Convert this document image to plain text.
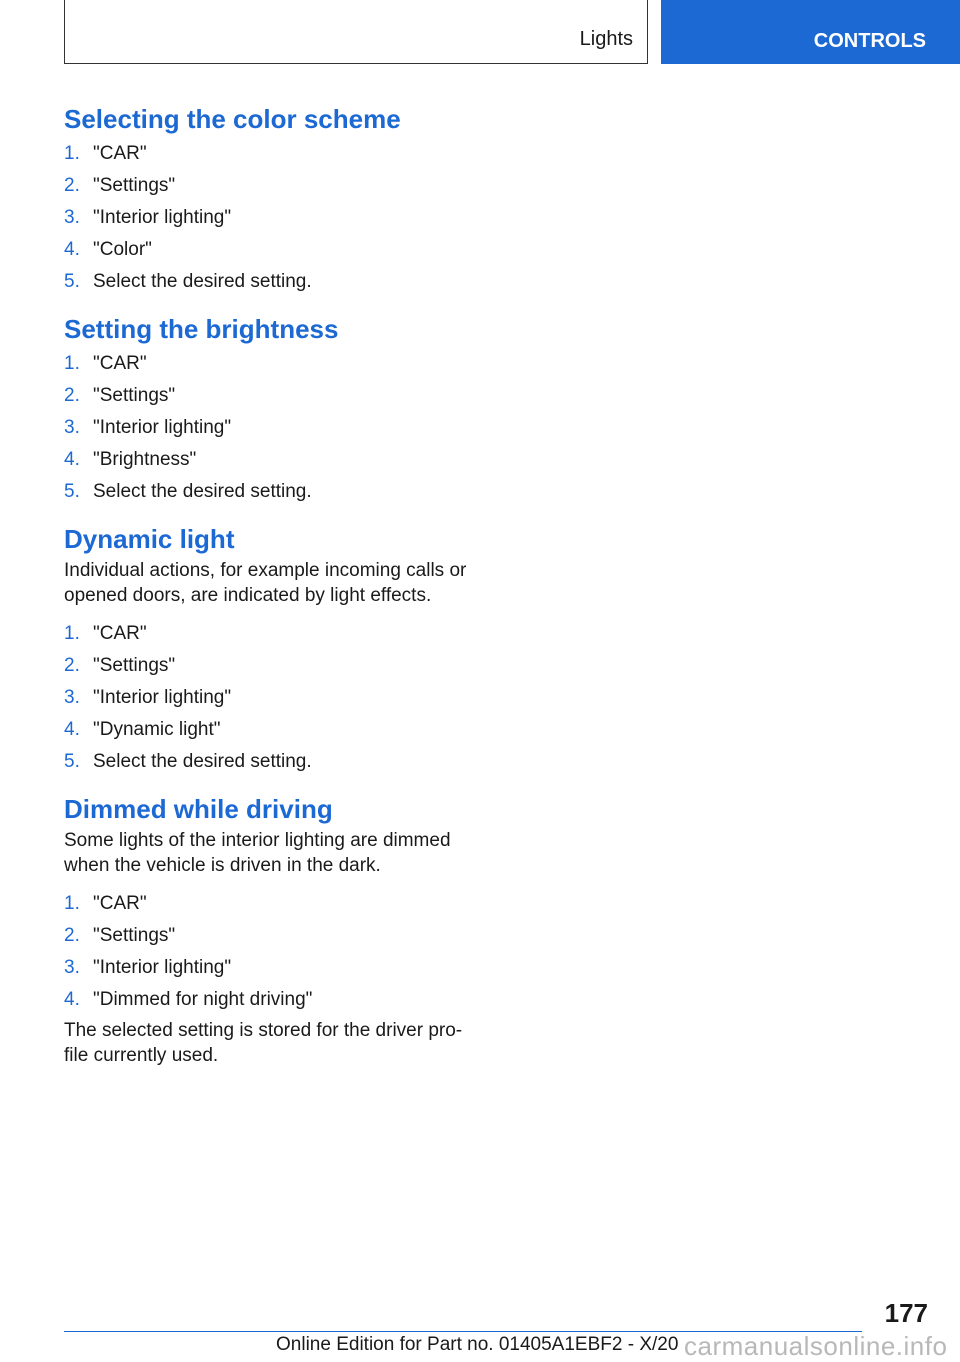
Lights	CONTROLS
Selecting the color scheme
1. "CAR"
2. "Settings"
3. "Interior lighting"
4. "Color"
5. Select the desired setting.
Setting the brightness
1. "CAR"
2. "Settings"
3. "Interior lighting"
4. "Brightness"
5. Select the desired setting.
Dynamic light

Individual actions, for example incoming calls or opened doors, are indicated by light effects.

1. "CAR"
2. "Settings"
3. "Interior lighting"
4. "Dynamic light"
5. Select the desired setting.
Dimmed while driving

Some lights of the interior lighting are dimmed when the vehicle is driven in the dark.

1. "CAR"
2. "Settings"
3. "Interior lighting"
4. "Dimmed for night driving"

The selected setting is stored for the driver pro-file currently used.

177
Online Edition for Part no. 01405A1EBF2 - X/20 carmanualsonline.info
